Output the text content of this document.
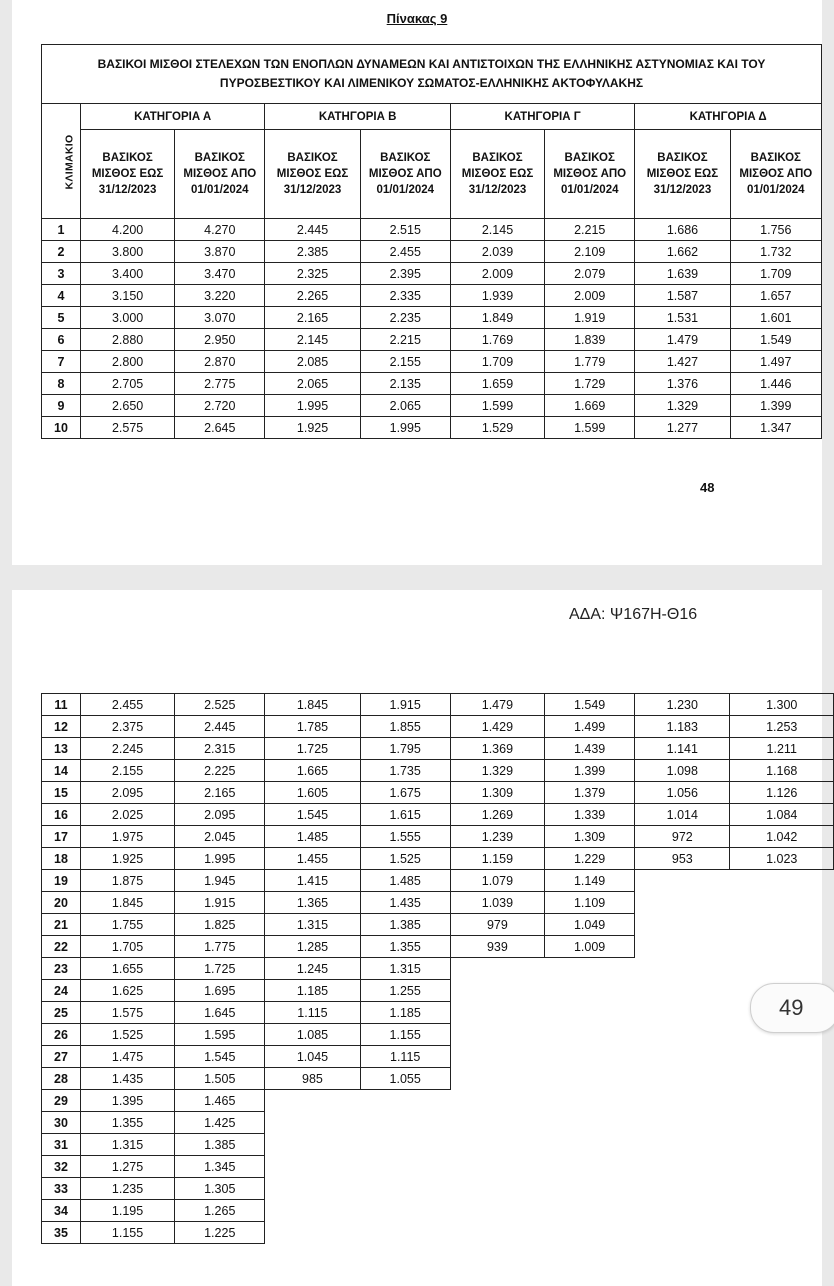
Πίνακας 9
ΒΑΣΙΚΟΙ ΜΙΣΘΟΙ ΣΤΕΛΕΧΩΝ ΤΩΝ ΕΝΟΠΛΩΝ ΔΥΝΑΜΕΩΝ ΚΑΙ ΑΝΤΙΣΤΟΙΧΩΝ ΤΗΣ ΕΛΛΗΝΙΚΗΣ ΑΣΤΥΝΟΜΙΑΣ ΚΑΙ ΤΟΥ ΠΥΡΟΣΒΕΣΤΙΚΟΥ ΚΑΙ ΛΙΜΕΝΙΚΟΥ ΣΩΜΑΤΟΣ-ΕΛΛΗΝΙΚΗΣ ΑΚΤΟΦΥΛΑΚΗΣ								
ΚΛΙΜΑΚΙΟ	ΚΑΤΗΓΟΡΙΑ Α		ΚΑΤΗΓΟΡΙΑ Β		ΚΑΤΗΓΟΡΙΑ Γ		ΚΑΤΗΓΟΡΙΑ Δ	
	ΒΑΣΙΚΟΣ ΜΙΣΘΟΣ ΕΩΣ 31/12/2023	ΒΑΣΙΚΟΣ ΜΙΣΘΟΣ ΑΠΟ 01/01/2024	ΒΑΣΙΚΟΣ ΜΙΣΘΟΣ ΕΩΣ 31/12/2023	ΒΑΣΙΚΟΣ ΜΙΣΘΟΣ ΑΠΟ 01/01/2024	ΒΑΣΙΚΟΣ ΜΙΣΘΟΣ ΕΩΣ 31/12/2023	ΒΑΣΙΚΟΣ ΜΙΣΘΟΣ ΑΠΟ 01/01/2024	ΒΑΣΙΚΟΣ ΜΙΣΘΟΣ ΕΩΣ 31/12/2023	ΒΑΣΙΚΟΣ ΜΙΣΘΟΣ ΑΠΟ 01/01/2024
1	4.200	4.270	2.445	2.515	2.145	2.215	1.686	1.756
2	3.800	3.870	2.385	2.455	2.039	2.109	1.662	1.732
3	3.400	3.470	2.325	2.395	2.009	2.079	1.639	1.709
4	3.150	3.220	2.265	2.335	1.939	2.009	1.587	1.657
5	3.000	3.070	2.165	2.235	1.849	1.919	1.531	1.601
6	2.880	2.950	2.145	2.215	1.769	1.839	1.479	1.549
7	2.800	2.870	2.085	2.155	1.709	1.779	1.427	1.497
8	2.705	2.775	2.065	2.135	1.659	1.729	1.376	1.446
9	2.650	2.720	1.995	2.065	1.599	1.669	1.329	1.399
10	2.575	2.645	1.925	1.995	1.529	1.599	1.277	1.347
48
ΑΔΑ: Ψ167Η-Θ16
11	2.455	2.525	1.845	1.915	1.479	1.549	1.230	1.300
12	2.375	2.445	1.785	1.855	1.429	1.499	1.183	1.253
13	2.245	2.315	1.725	1.795	1.369	1.439	1.141	1.211
14	2.155	2.225	1.665	1.735	1.329	1.399	1.098	1.168
15	2.095	2.165	1.605	1.675	1.309	1.379	1.056	1.126
16	2.025	2.095	1.545	1.615	1.269	1.339	1.014	1.084
17	1.975	2.045	1.485	1.555	1.239	1.309	972	1.042
18	1.925	1.995	1.455	1.525	1.159	1.229	953	1.023
19	1.875	1.945	1.415	1.485	1.079	1.149		
20	1.845	1.915	1.365	1.435	1.039	1.109		
21	1.755	1.825	1.315	1.385	979	1.049		
22	1.705	1.775	1.285	1.355	939	1.009		
23	1.655	1.725	1.245	1.315				
24	1.625	1.695	1.185	1.255				
25	1.575	1.645	1.115	1.185				
26	1.525	1.595	1.085	1.155				
27	1.475	1.545	1.045	1.115				
28	1.435	1.505	985	1.055				
29	1.395	1.465						
30	1.355	1.425						
31	1.315	1.385						
32	1.275	1.345						
33	1.235	1.305						
34	1.195	1.265						
35	1.155	1.225						
49
